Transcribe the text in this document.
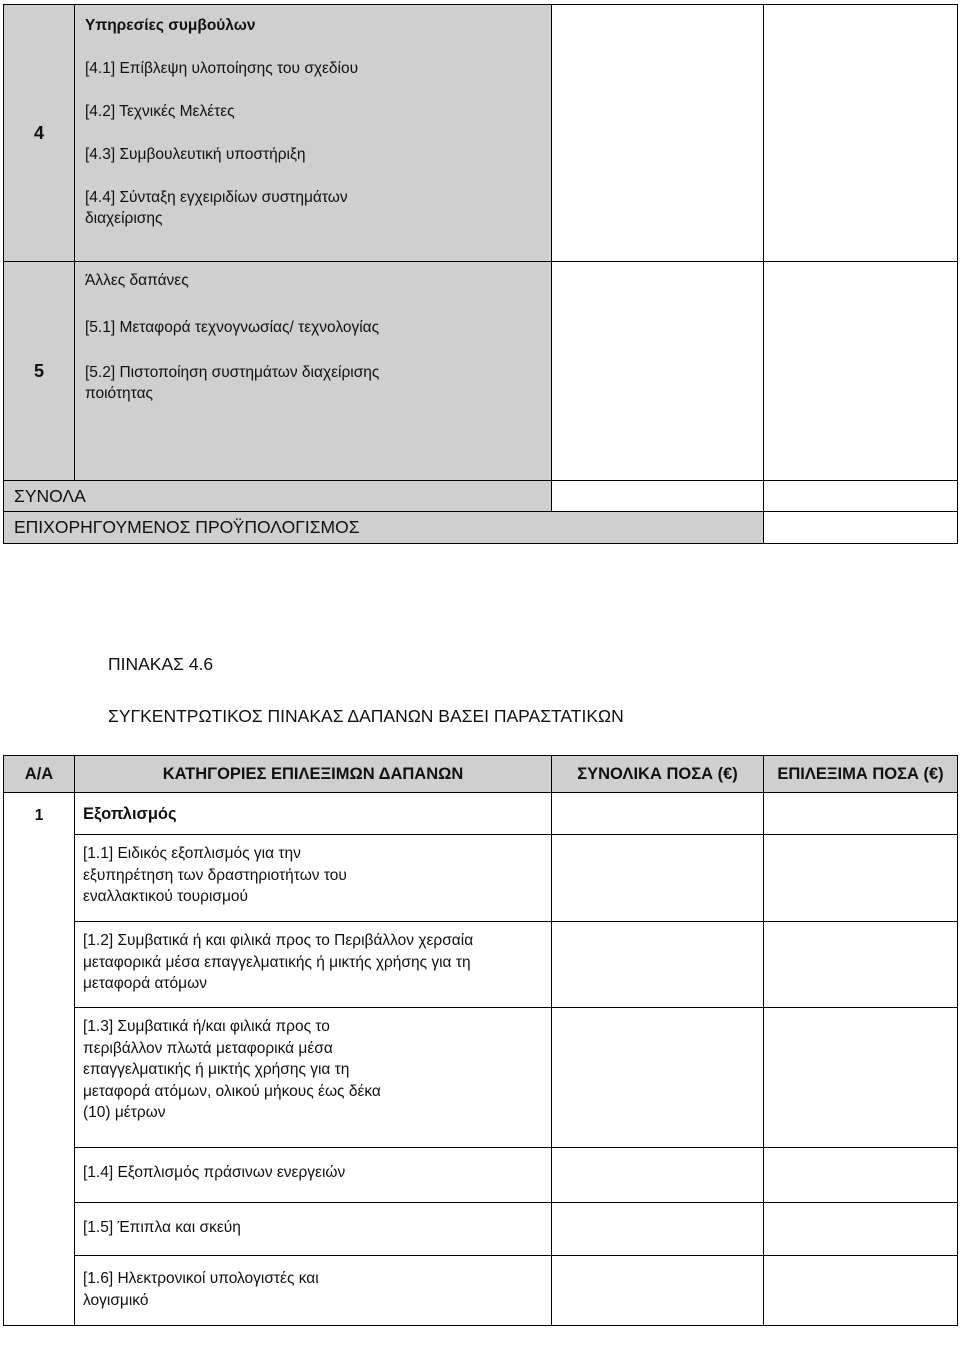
4	Υπηρεσίες συμβούλων

[4.1] Επίβλεψη υλοποίησης του σχεδίου

[4.2] Τεχνικές Μελέτες

[4.3] Συμβουλευτική υποστήριξη

[4.4] Σύνταξη εγχειριδίων συστημάτων διαχείρισης		

5	Άλλες δαπάνες

[5.1] Μεταφορά τεχνογνωσίας/ τεχνολογίας

[5.2] Πιστοποίηση συστημάτων διαχείρισης ποιότητας		

ΣΥΝΟΛΑ		
ΕΠΙΧΟΡΗΓΟΥΜΕΝΟΣ ΠΡΟΫΠΟΛΟΓΙΣΜΟΣ		
ΠΙΝΑΚΑΣ 4.6
ΣΥΓΚΕΝΤΡΩΤΙΚΟΣ ΠΙΝΑΚΑΣ ΔΑΠΑΝΩΝ ΒΑΣΕΙ ΠΑΡΑΣΤΑΤΙΚΩΝ
Α/Α	ΚΑΤΗΓΟΡΙΕΣ ΕΠΙΛΕΞΙΜΩΝ ΔΑΠΑΝΩΝ	ΣΥΝΟΛΙΚΑ ΠΟΣΑ (€)	ΕΠΙΛΕΞΙΜΑ ΠΟΣΑ (€)
1	Εξοπλισμός		

	[1.1] Ειδικός εξοπλισμός για την εξυπηρέτηση των δραστηριοτήτων του εναλλακτικού τουρισμού		

	[1.2] Συμβατικά ή και φιλικά προς το Περιβάλλον χερσαία μεταφορικά μέσα επαγγελματικής ή μικτής χρήσης για τη μεταφορά ατόμων		

	[1.3] Συμβατικά ή/και φιλικά προς το περιβάλλον πλωτά μεταφορικά μέσα επαγγελματικής ή μικτής χρήσης για τη μεταφορά ατόμων, ολικού μήκους έως δέκα (10) μέτρων		

	[1.4] Εξοπλισμός πράσινων ενεργειών		

	[1.5] Έπιπλα και σκεύη		

	[1.6] Ηλεκτρονικοί υπολογιστές και λογισμικό		
